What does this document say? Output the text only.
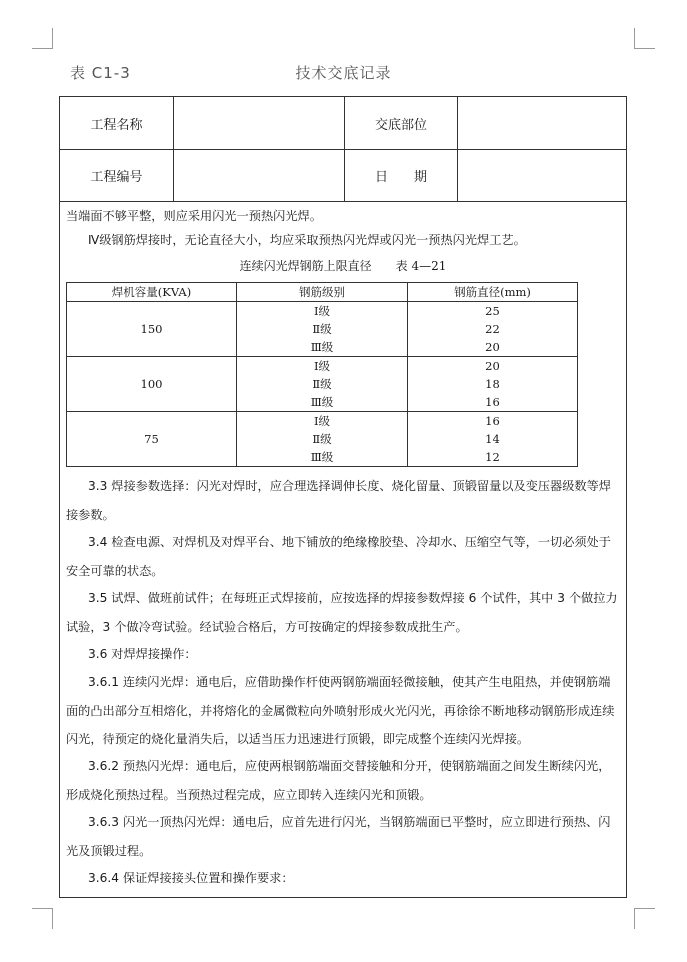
表 C1-3	技术交底记录
工程名称	交底部位
工程编号	日　　期
当端面不够平整，则应采用闪光一预热闪光焊。
Ⅳ级钢筋焊接时，无论直径大小，均应采取预热闪光焊或闪光一预热闪光焊工艺。
连续闪光焊钢筋上限直径　　表 4—21
焊机容量(KVA)	钢筋级别	钢筋直径(mm)
150	Ⅰ级	25
	Ⅱ级	22
	Ⅲ级	20
100	Ⅰ级	20
	Ⅱ级	18
	Ⅲ级	16
75	Ⅰ级	16
	Ⅱ级	14
	Ⅲ级	12
3.3 焊接参数选择：闪光对焊时，应合理选择调伸长度、烧化留量、顶锻留量以及变压器级数等焊接参数。
3.4 检查电源、对焊机及对焊平台、地下铺放的绝缘橡胶垫、冷却水、压缩空气等，一切必须处于安全可靠的状态。
3.5 试焊、做班前试件；在每班正式焊接前，应按选择的焊接参数焊接 6 个试件，其中 3 个做拉力试验，3 个做冷弯试验。经试验合格后，方可按确定的焊接参数成批生产。
3.6 对焊焊接操作：
3.6.1 连续闪光焊：通电后，应借助操作杆使两钢筋端面轻微接触，使其产生电阻热，并使钢筋端面的凸出部分互相熔化，并将熔化的金属微粒向外喷射形成火光闪光，再徐徐不断地移动钢筋形成连续闪光，待预定的烧化量消失后，以适当压力迅速进行顶锻，即完成整个连续闪光焊接。
3.6.2 预热闪光焊：通电后，应使两根钢筋端面交替接触和分开，使钢筋端面之间发生断续闪光，形成烧化预热过程。当预热过程完成，应立即转入连续闪光和顶锻。
3.6.3 闪光一顶热闪光焊：通电后，应首先进行闪光，当钢筋端面已平整时，应立即进行预热、闪光及顶锻过程。
3.6.4 保证焊接接头位置和操作要求：
